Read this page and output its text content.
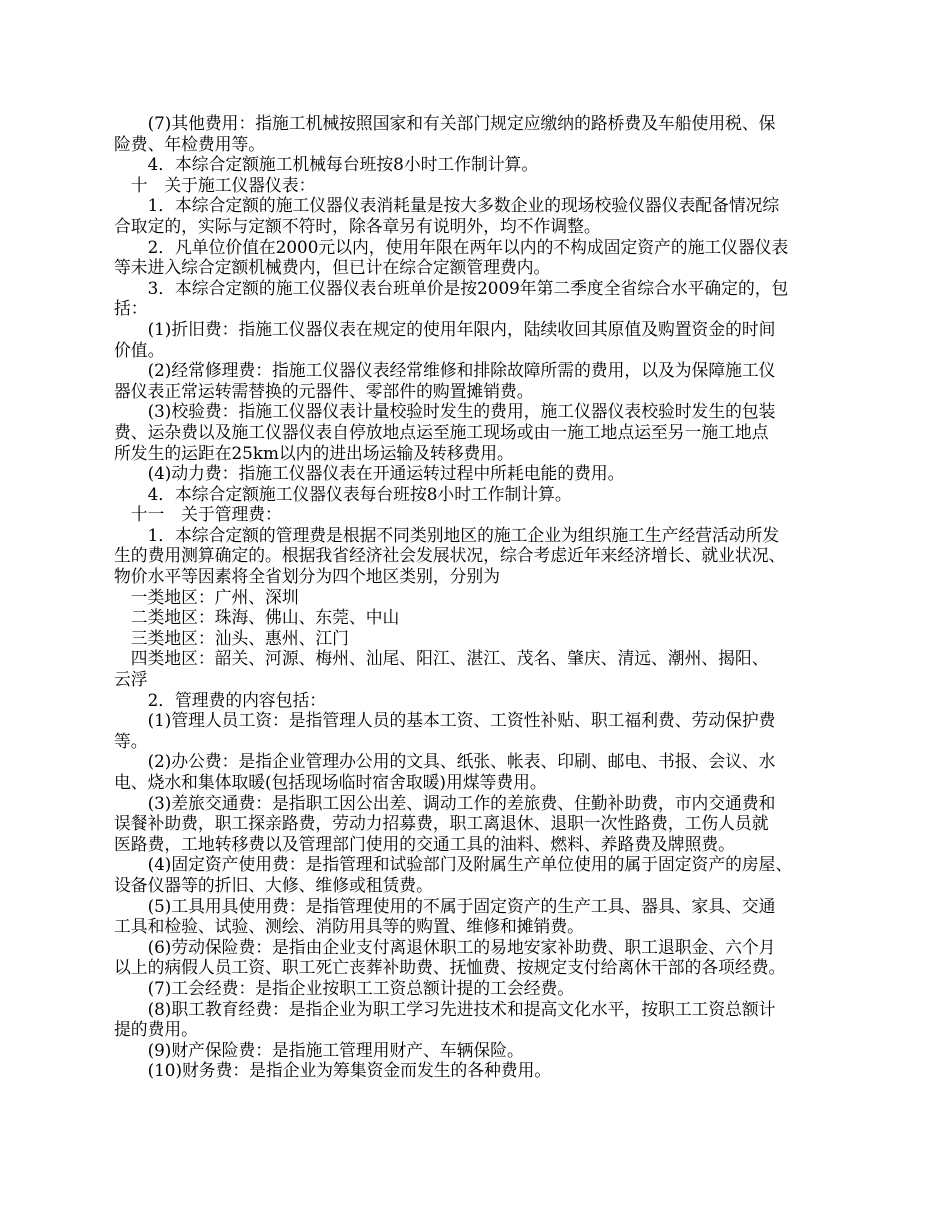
　　(7)其他费用：指施工机械按照国家和有关部门规定应缴纳的路桥费及车船使用税、保
险费、年检费用等。
　　4．本综合定额施工机械每台班按8小时工作制计算。
　十　关于施工仪器仪表：
　　1．本综合定额的施工仪器仪表消耗量是按大多数企业的现场校验仪器仪表配备情况综
合取定的，实际与定额不符时，除各章另有说明外，均不作调整。
　　2．凡单位价值在2000元以内，使用年限在两年以内的不构成固定资产的施工仪器仪表
等未进入综合定额机械费内，但已计在综合定额管理费内。
　　3．本综合定额的施工仪器仪表台班单价是按2009年第二季度全省综合水平确定的，包
括：
　　(1)折旧费：指施工仪器仪表在规定的使用年限内，陆续收回其原值及购置资金的时间
价值。
　　(2)经常修理费：指施工仪器仪表经常维修和排除故障所需的费用，以及为保障施工仪
器仪表正常运转需替换的元器件、零部件的购置摊销费。
　　(3)校验费：指施工仪器仪表计量校验时发生的费用，施工仪器仪表校验时发生的包装
费、运杂费以及施工仪器仪表自停放地点运至施工现场或由一施工地点运至另一施工地点
所发生的运距在25km以内的进出场运输及转移费用。
　　(4)动力费：指施工仪器仪表在开通运转过程中所耗电能的费用。
　　4．本综合定额施工仪器仪表每台班按8小时工作制计算。
　十一　关于管理费：
　　1．本综合定额的管理费是根据不同类别地区的施工企业为组织施工生产经营活动所发
生的费用测算确定的。根据我省经济社会发展状况，综合考虑近年来经济增长、就业状况、
物价水平等因素将全省划分为四个地区类别，分别为
　一类地区：广州、深圳
　二类地区：珠海、佛山、东莞、中山
　三类地区：汕头、惠州、江门
　四类地区：韶关、河源、梅州、汕尾、阳江、湛江、茂名、肇庆、清远、潮州、揭阳、
云浮
　　2．管理费的内容包括：
　　(1)管理人员工资：是指管理人员的基本工资、工资性补贴、职工福利费、劳动保护费
等。
　　(2)办公费：是指企业管理办公用的文具、纸张、帐表、印刷、邮电、书报、会议、水
电、烧水和集体取暖(包括现场临时宿舍取暖)用煤等费用。
　　(3)差旅交通费：是指职工因公出差、调动工作的差旅费、住勤补助费，市内交通费和
误餐补助费，职工探亲路费，劳动力招募费，职工离退休、退职一次性路费，工伤人员就
医路费，工地转移费以及管理部门使用的交通工具的油料、燃料、养路费及牌照费。
　　(4)固定资产使用费：是指管理和试验部门及附属生产单位使用的属于固定资产的房屋、
设备仪器等的折旧、大修、维修或租赁费。
　　(5)工具用具使用费：是指管理使用的不属于固定资产的生产工具、器具、家具、交通
工具和检验、试验、测绘、消防用具等的购置、维修和摊销费。
　　(6)劳动保险费：是指由企业支付离退休职工的易地安家补助费、职工退职金、六个月
以上的病假人员工资、职工死亡丧葬补助费、抚恤费、按规定支付给离休干部的各项经费。
　　(7)工会经费：是指企业按职工工资总额计提的工会经费。
　　(8)职工教育经费：是指企业为职工学习先进技术和提高文化水平，按职工工资总额计
提的费用。
　　(9)财产保险费：是指施工管理用财产、车辆保险。
　　(10)财务费：是指企业为筹集资金而发生的各种费用。
